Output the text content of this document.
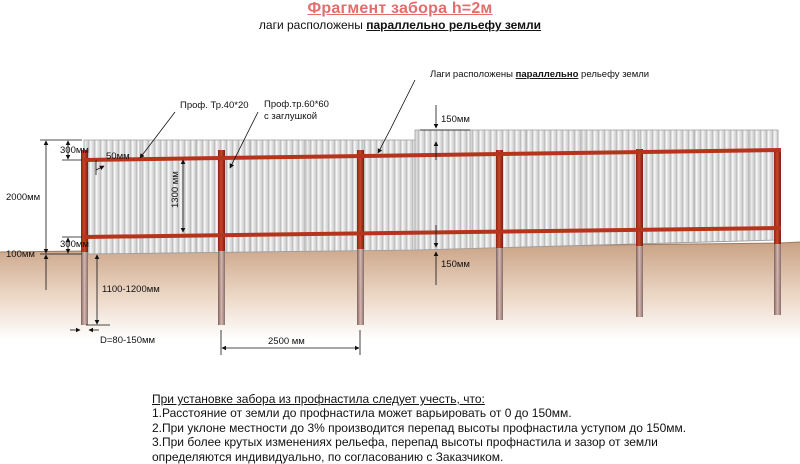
Фрагмент забора h=2м
лаги расположены параллельно рельефу земли
Лаги расположены параллельно рельефу земли
Проф. Тр.40*20 Проф.тр.60*60
с заглушкой
300мм
50мм
2000мм	1300 мм
300мм
100мм
1100-1200мм
D=80-150мм	2500 мм
150мм
150мм
При установке забора из профнастила следует учесть, что:
1.Расстояние от земли до профнастила может варьировать от 0 до 150мм.
2.При уклоне местности до 3% производится перепад высоты профнастила уступом до 150мм.
3.При более крутых изменениях рельефа, перепад высоты профнастила и зазор от земли
определяются индивидуально, по согласованию с Заказчиком.
